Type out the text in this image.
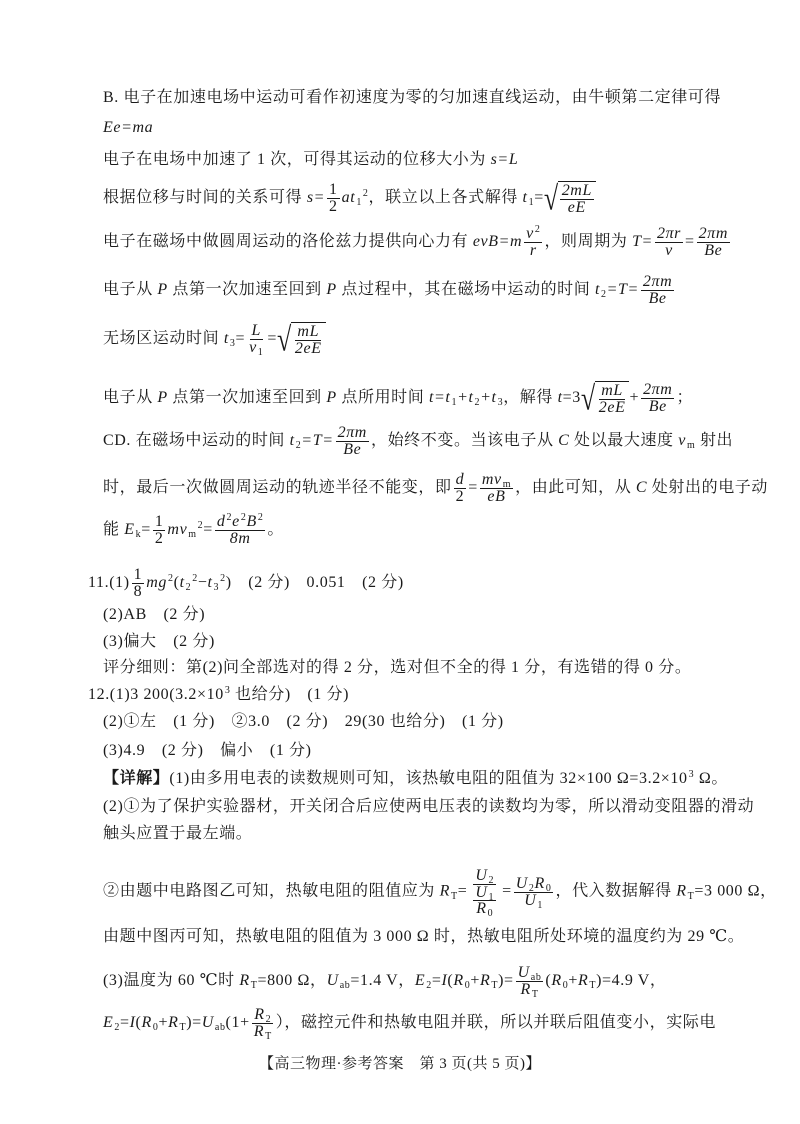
B. 电子在加速电场中运动可看作初速度为零的匀加速直线运动，由牛顿第二定律可得
Ee=ma
电子在电场中加速了 1 次，可得其运动的位移大小为 s=L
根据位移与时间的关系可得 $s= \frac{1}{2} at_1^2$，联立以上各式解得 $t_1=$ √ $\frac{2mL}{eE}$
电子在磁场中做圆周运动的洛伦兹力提供向心力有 $evB=m \frac{v^2}{r}$ ，则周期为 $T= \frac{2\pi r}{v} = \frac{2\pi m}{Be}$
电子从 P 点第一次加速至回到 P 点过程中，其在磁场中运动的时间 $t_2=T= \frac{2\pi m}{Be}$
无场区运动时间 $t_3= \frac{L}{v_1}$ = √ $\frac{mL}{2eE}$
电子从 P 点第一次加速至回到 P 点所用时间 $t=t_1+t_2+t_3$，解得 t=3 √ $\frac{mL}{2eE} + \frac{2\pi m}{Be}$ ；
CD. 在磁场中运动的时间 $t_2=T= \frac{2\pi m}{Be}$ ，始终不变。当该电子从 C 处以最大速度 $v_m$ 射出
时，最后一次做圆周运动的轨迹半径不能变，即 $\frac{d}{2} = \frac{mv_m}{eB}$ ，由此可知，从 C 处射出的电子动
能 $E_k= \frac{1}{2} mv_m^2= \frac{d^2e^2B^2}{8m}$ 。
$11.(1) \frac{1}{8} mg^2(t_2^2-t_3^2)$　(2 分)　0.051　(2 分)
(2)AB　(2 分)
(3)偏大　(2 分)
评分细则：第(2)问全部选对的得 2 分，选对但不全的得 1 分，有选错的得 0 分。
12.(1)3 $200(3.2\times 10^3$ 也给分)　(1 分)
(2)①左　(1 分)　②3.0　(2 分)　29(30 也给分)　(1 分)
(3)4.9　(2 分)　偏小　(1 分)
【详解】(1)由多用电表的读数规则可知，该热敏电阻的阻值为 32×100 $\Omega=3.2\times 10^3$ Ω。
(2)①为了保护实验器材，开关闭合后应使两电压表的读数均为零，所以滑动变阻器的滑动
触头应置于最左端。
②由题中电路图乙可知，热敏电阻的阻值应为 $R_T= \frac{U_2}{\frac{U_1}{R_0}} = \frac{U_2R_0}{U_1}$ ，代入数据解得 $R_T=3$ 000 Ω，
由题中图丙可知，热敏电阻的阻值为 3 000 Ω 时，热敏电阻所处环境的温度约为 29 ℃。
(3)温度为 60 ℃时 $R_T=800$ Ω，$U_{ab}=1.4$ V，$E_2=I(R_0+R_T)= \frac{U_{ab}}{R_T} (R_0+R_T)=4.9$ V，
$E_2=I(R_0+R_T)=U_{ab}(1+ \frac{R_2}{R_T}$ ），磁控元件和热敏电阻并联，所以并联后阻值变小，实际电
【高三物理·参考答案　第 3 页(共 5 页)】
